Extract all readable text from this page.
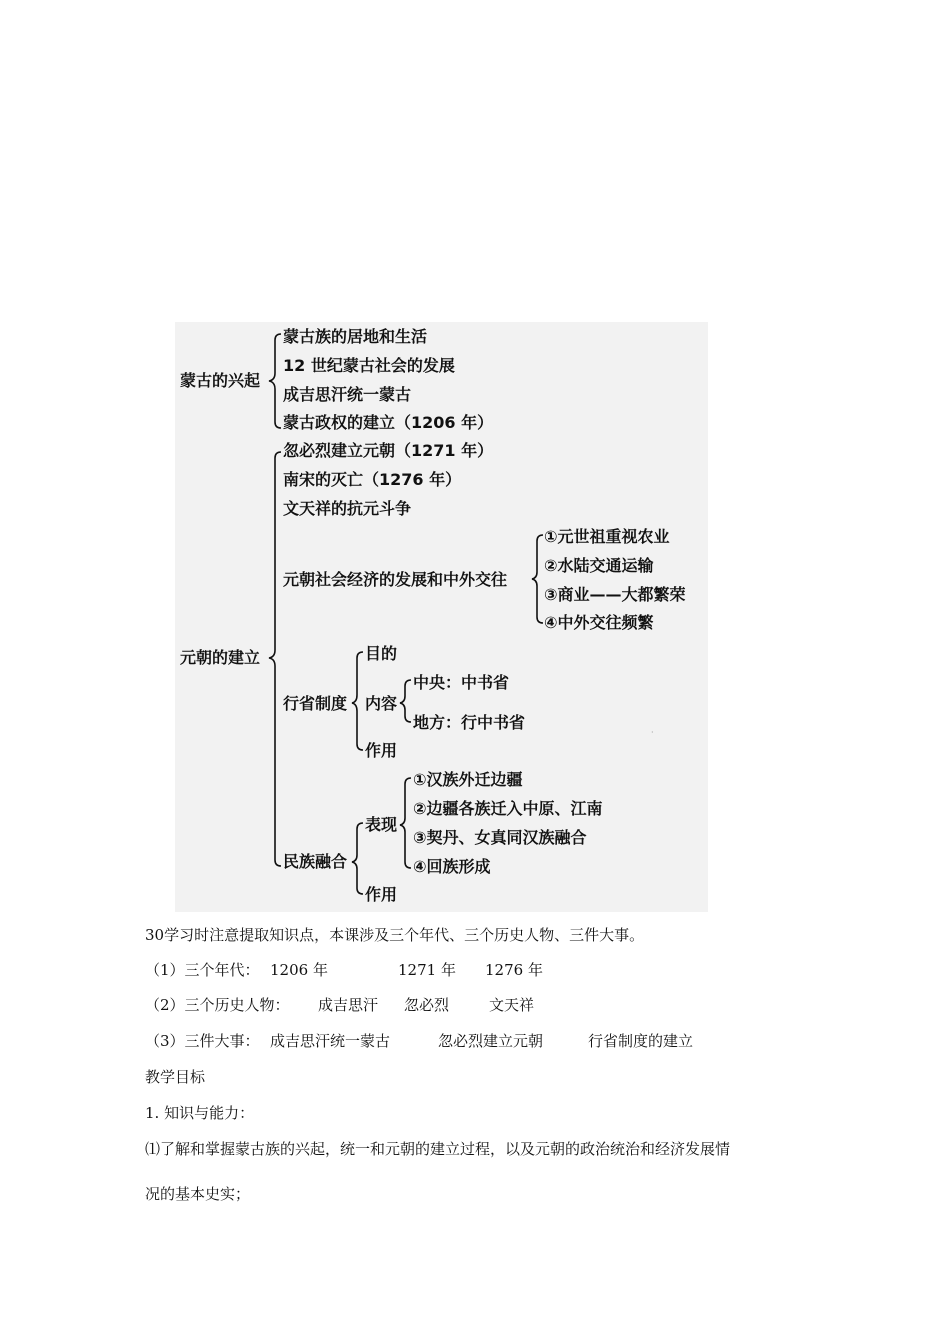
蒙古的兴起
蒙古族的居地和生活
12 世纪蒙古社会的发展
成吉思汗统一蒙古
蒙古政权的建立（1206 年）
元朝的建立
忽必烈建立元朝（1271 年）
南宋的灭亡（1276 年）
文天祥的抗元斗争
元朝社会经济的发展和中外交往
①元世祖重视农业
②水陆交通运输
③商业——大都繁荣
④中外交往频繁
行省制度
目的
内容
中央：中书省
地方：行中书省
作用
民族融合
表现
①汉族外迁边疆
②边疆各族迁入中原、江南
③契丹、女真同汉族融合
④回族形成
作用
·
30学习时注意提取知识点，本课涉及三个年代、三个历史人物、三件大事。
（1）三个年代： 1206 年	1271 年 1276 年
（2）三个历史人物： 成吉思汗 忽必烈	文天祥
（3）三件大事： 成吉思汗统一蒙古	忽必烈建立元朝	行省制度的建立
教学目标
1. 知识与能力：
⑴了解和掌握蒙古族的兴起，统一和元朝的建立过程，以及元朝的政治统治和经济发展情
况的基本史实；
